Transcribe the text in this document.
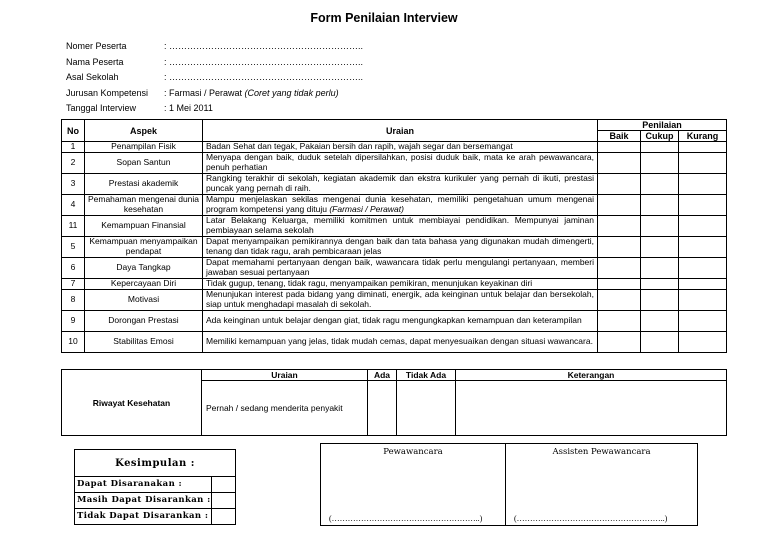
Form Penilaian Interview
Nomer Peserta	: ………………………………………………………..
Nama Peserta	: ………………………………………………………..
Asal Sekolah	: ………………………………………………………..
Jurusan Kompetensi	: Farmasi / Perawat (Coret yang tidak perlu)
Tanggal Interview	: 1 Mei 2011
No	Aspek	Uraian	Penilaian		
			Baik	Cukup	Kurang
1	Penampilan Fisik	Badan Sehat dan tegak, Pakaian bersih dan rapih, wajah segar dan bersemangat			
2	Sopan Santun	Menyapa dengan baik, duduk setelah dipersilahkan, posisi duduk baik, mata ke arah pewawancara, penuh perhatian			
3	Prestasi akademik	Rangking terakhir di sekolah, kegiatan akademik dan ekstra kurikuler yang pernah di ikuti, prestasi puncak yang pernah di raih.			
4	Pemahaman mengenai dunia kesehatan	Mampu menjelaskan sekilas mengenai dunia kesehatan, memiliki pengetahuan umum mengenai program kompetensi yang dituju (Farmasi / Perawat)			
11	Kemampuan Finansial	Latar Belakang Keluarga, memiliki komitmen untuk membiayai pendidikan. Mempunyai jaminan pembiayaan selama sekolah			
5	Kemampuan menyampaikan pendapat	Dapat menyampaikan pemikirannya dengan baik dan tata bahasa yang digunakan mudah dimengerti, tenang dan tidak ragu, arah pembicaraan jelas			
6	Daya Tangkap	Dapat memahami pertanyaan dengan baik, wawancara tidak perlu mengulangi pertanyaan, memberi jawaban sesuai pertanyaan			
7	Kepercayaan Diri	Tidak gugup, tenang, tidak ragu, menyampaikan pemikiran, menunjukan keyakinan diri			
8	Motivasi	Menunjukan interest pada bidang yang diminati, energik, ada keinginan untuk belajar dan bersekolah, siap untuk menghadapi masalah di sekolah.			
9	Dorongan Prestasi	Ada keinginan untuk belajar dengan giat, tidak ragu mengungkapkan kemampuan dan keterampilan			
10	Stabilitas Emosi	Memiliki kemampuan yang jelas, tidak mudah cemas, dapat menyesuaikan dengan situasi wawancara.			
Riwayat Kesehatan	Uraian	Ada	Tidak Ada	Keterangan
	Pernah / sedang menderita penyakit			
Kesimpulan :	
Dapat Disaranakan :	
Masih Dapat Disarankan :	
Tidak Dapat Disarankan :	
Pewawancara
(………………………………………………..)
	Assisten Pewawancara
(………………………………………………..)
